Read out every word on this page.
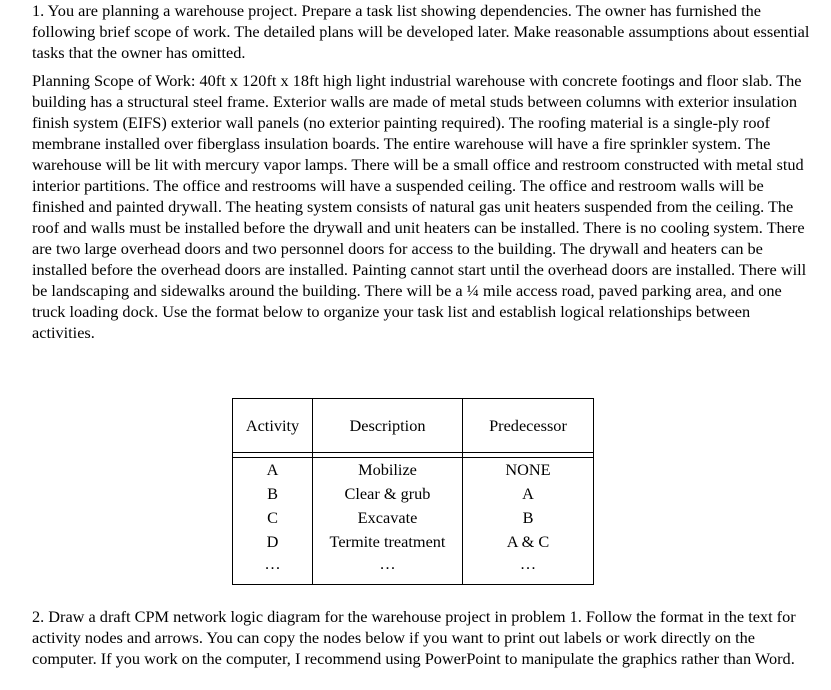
1. You are planning a warehouse project. Prepare a task list showing dependencies. The owner has furnished the following brief scope of work. The detailed plans will be developed later. Make reasonable assumptions about essential tasks that the owner has omitted.

Planning Scope of Work: 40ft x 120ft x 18ft high light industrial warehouse with concrete footings and floor slab. The building has a structural steel frame. Exterior walls are made of metal studs between columns with exterior insulation finish system (EIFS) exterior wall panels (no exterior painting required). The roofing material is a single-ply roof membrane installed over fiberglass insulation boards. The entire warehouse will have a fire sprinkler system. The warehouse will be lit with mercury vapor lamps. There will be a small office and restroom constructed with metal stud interior partitions. The office and restrooms will have a suspended ceiling. The office and restroom walls will be finished and painted drywall. The heating system consists of natural gas unit heaters suspended from the ceiling. The roof and walls must be installed before the drywall and unit heaters can be installed. There is no cooling system. There are two large overhead doors and two personnel doors for access to the building. The drywall and heaters can be installed before the overhead doors are installed. Painting cannot start until the overhead doors are installed. There will be landscaping and sidewalks around the building. There will be a ¼ mile access road, paved parking area, and one truck loading dock. Use the format below to organize your task list and establish logical relationships between activities.

Activity	Description	Predecessor

A	Mobilize	NONE
B	Clear & grub	A
C	Excavate	B
D	Termite treatment	A & C
…	…	…

2. Draw a draft CPM network logic diagram for the warehouse project in problem 1. Follow the format in the text for activity nodes and arrows. You can copy the nodes below if you want to print out labels or work directly on the computer. If you work on the computer, I recommend using PowerPoint to manipulate the graphics rather than Word.
